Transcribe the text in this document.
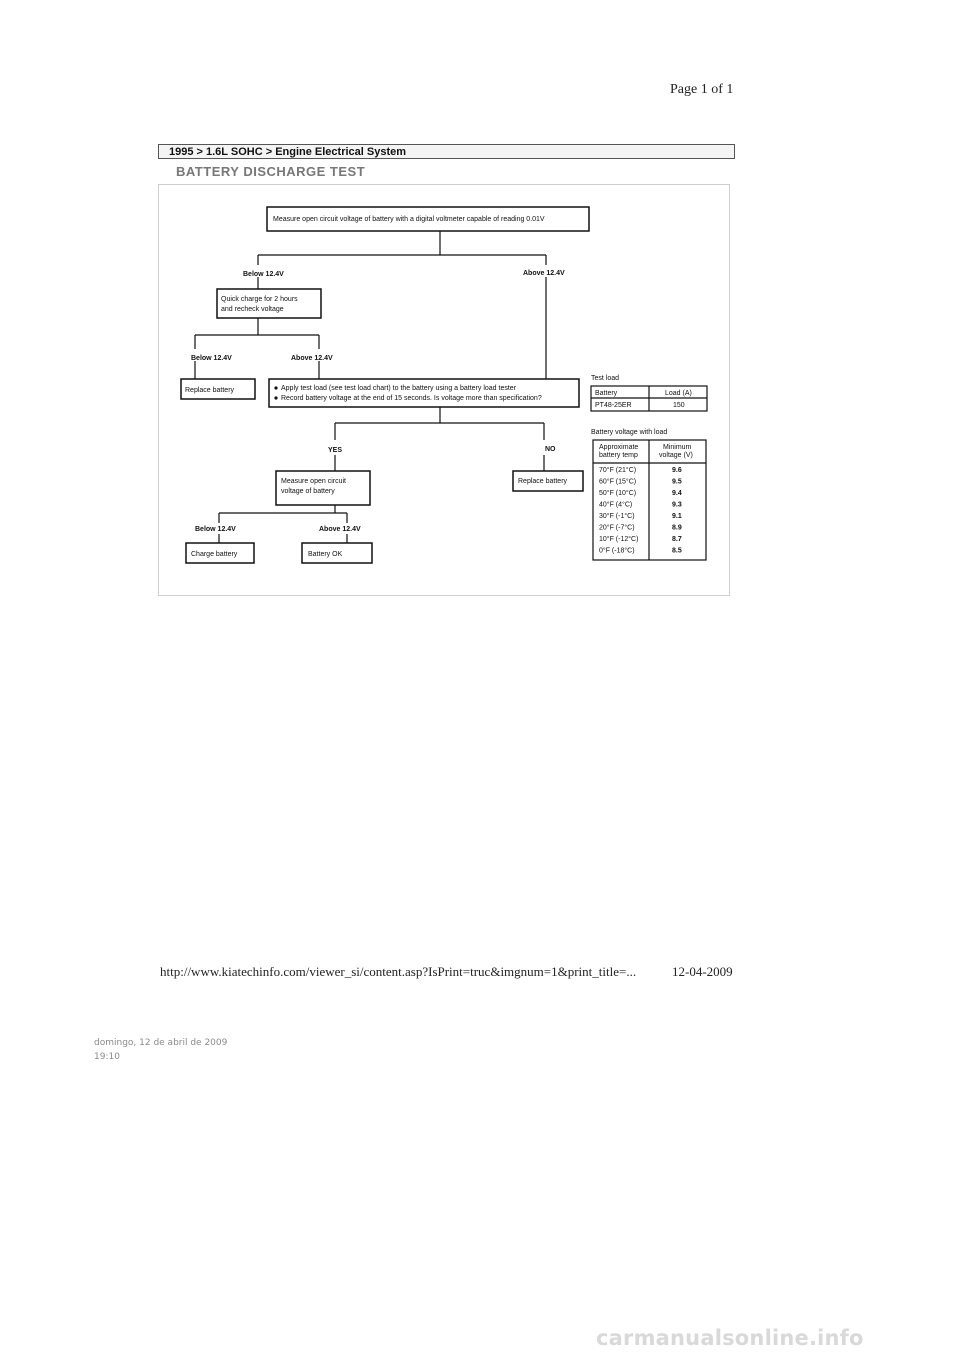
Page 1 of 1
1995 > 1.6L SOHC > Engine Electrical System
BATTERY DISCHARGE TEST
Measure open circuit voltage of battery with a digital voltmeter capable of reading 0.01V
Below 12.4V	Above 12.4V
Quick charge for 2 hours
and recheck voltage
Below 12.4V	Above 12.4V
Replace battery	Apply test load (see test load chart) to the battery using a battery load tester
Record battery voltage at the end of 15 seconds. Is voltage more than specification?
YES	NO
Measure open circuit
voltage of battery
Replace battery
Below 12.4V	Above 12.4V
Charge battery	Battery OK
Test load
Battery	Load (A)
PT48-25ER	150
Battery voltage with load
Approximate
battery temp
Minimum
voltage (V)
70°F (21°C)	9.6
60°F (15°C)	9.5
50°F (10°C)	9.4
40°F (4°C)	9.3
30°F (-1°C)	9.1
20°F (-7°C)	8.9
10°F (-12°C)	8.7
0°F (-18°C)	8.5
http://www.kiatechinfo.com/viewer_si/content.asp?IsPrint=truc&imgnum=1&print_title=...	12-04-2009
domingo, 12 de abril de 2009
19:10
carmanualsonline.info
